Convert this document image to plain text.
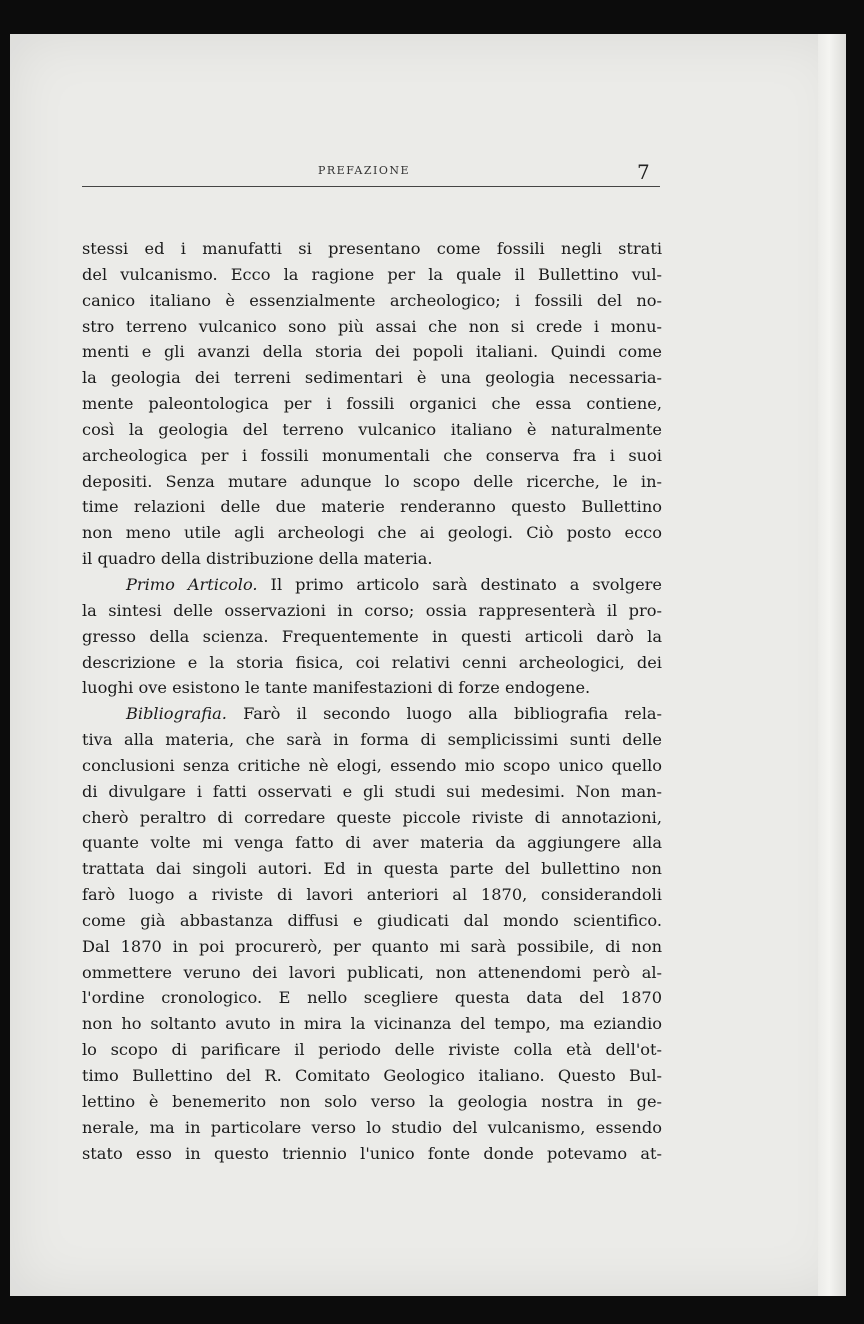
PREFAZIONE	7
stessi ed i manufatti si presentano come fossili negli strati
del vulcanismo. Ecco la ragione per la quale il Bullettino vul-
canico italiano è essenzialmente archeologico; i fossili del no-
stro terreno vulcanico sono più assai che non si crede i monu-
menti e gli avanzi della storia dei popoli italiani. Quindi come
la geologia dei terreni sedimentari è una geologia necessaria-
mente paleontologica per i fossili organici che essa contiene,
così la geologia del terreno vulcanico italiano è naturalmente
archeologica per i fossili monumentali che conserva fra i suoi
depositi. Senza mutare adunque lo scopo delle ricerche, le in-
time relazioni delle due materie renderanno questo Bullettino
non meno utile agli archeologi che ai geologi. Ciò posto ecco
il quadro della distribuzione della materia.
Primo Articolo. Il primo articolo sarà destinato a svolgere
la sintesi delle osservazioni in corso; ossia rappresenterà il pro-
gresso della scienza. Frequentemente in questi articoli darò la
descrizione e la storia fisica, coi relativi cenni archeologici, dei
luoghi ove esistono le tante manifestazioni di forze endogene.
Bibliografia. Farò il secondo luogo alla bibliografia rela-
tiva alla materia, che sarà in forma di semplicissimi sunti delle
conclusioni senza critiche nè elogi, essendo mio scopo unico quello
di divulgare i fatti osservati e gli studi sui medesimi. Non man-
cherò peraltro di corredare queste piccole riviste di annotazioni,
quante volte mi venga fatto di aver materia da aggiungere alla
trattata dai singoli autori. Ed in questa parte del bullettino non
farò luogo a riviste di lavori anteriori al 1870, considerandoli
come già abbastanza diffusi e giudicati dal mondo scientifico.
Dal 1870 in poi procurerò, per quanto mi sarà possibile, di non
ommettere veruno dei lavori publicati, non attenendomi però al-
l'ordine cronologico. E nello scegliere questa data del 1870
non ho soltanto avuto in mira la vicinanza del tempo, ma eziandio
lo scopo di parificare il periodo delle riviste colla età dell'ot-
timo Bullettino del R. Comitato Geologico italiano. Questo Bul-
lettino è benemerito non solo verso la geologia nostra in ge-
nerale, ma in particolare verso lo studio del vulcanismo, essendo
stato esso in questo triennio l'unico fonte donde potevamo at-
